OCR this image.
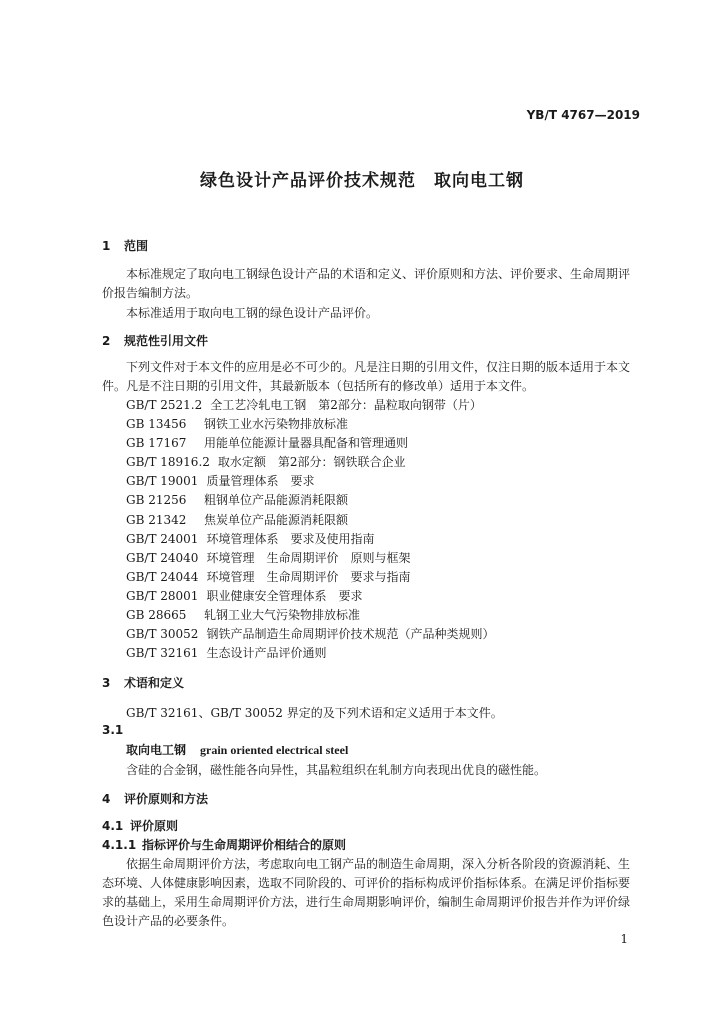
YB/T 4767—2019
绿色设计产品评价技术规范　取向电工钢
1 范围
本标准规定了取向电工钢绿色设计产品的术语和定义、评价原则和方法、评价要求、生命周期评价报告编制方法。
本标准适用于取向电工钢的绿色设计产品评价。
2 规范性引用文件
下列文件对于本文件的应用是必不可少的。凡是注日期的引用文件，仅注日期的版本适用于本文件。凡是不注日期的引用文件，其最新版本（包括所有的修改单）适用于本文件。
GB/T 2521.2 全工艺冷轧电工钢　第2部分：晶粒取向钢带（片）
GB 13456 钢铁工业水污染物排放标准
GB 17167 用能单位能源计量器具配备和管理通则
GB/T 18916.2 取水定额　第2部分：钢铁联合企业
GB/T 19001 质量管理体系　要求
GB 21256 粗钢单位产品能源消耗限额
GB 21342 焦炭单位产品能源消耗限额
GB/T 24001 环境管理体系　要求及使用指南
GB/T 24040 环境管理　生命周期评价　原则与框架
GB/T 24044 环境管理　生命周期评价　要求与指南
GB/T 28001 职业健康安全管理体系　要求
GB 28665 轧钢工业大气污染物排放标准
GB/T 30052 钢铁产品制造生命周期评价技术规范（产品种类规则）
GB/T 32161 生态设计产品评价通则
3 术语和定义
GB/T 32161、GB/T 30052 界定的及下列术语和定义适用于本文件。
3.1
取向电工钢 grain oriented electrical steel
含硅的合金钢，磁性能各向异性，其晶粒组织在轧制方向表现出优良的磁性能。
4 评价原则和方法
4.1 评价原则
4.1.1 指标评价与生命周期评价相结合的原则
依据生命周期评价方法，考虑取向电工钢产品的制造生命周期，深入分析各阶段的资源消耗、生态环境、人体健康影响因素，选取不同阶段的、可评价的指标构成评价指标体系。在满足评价指标要求的基础上，采用生命周期评价方法，进行生命周期影响评价，编制生命周期评价报告并作为评价绿色设计产品的必要条件。
1
